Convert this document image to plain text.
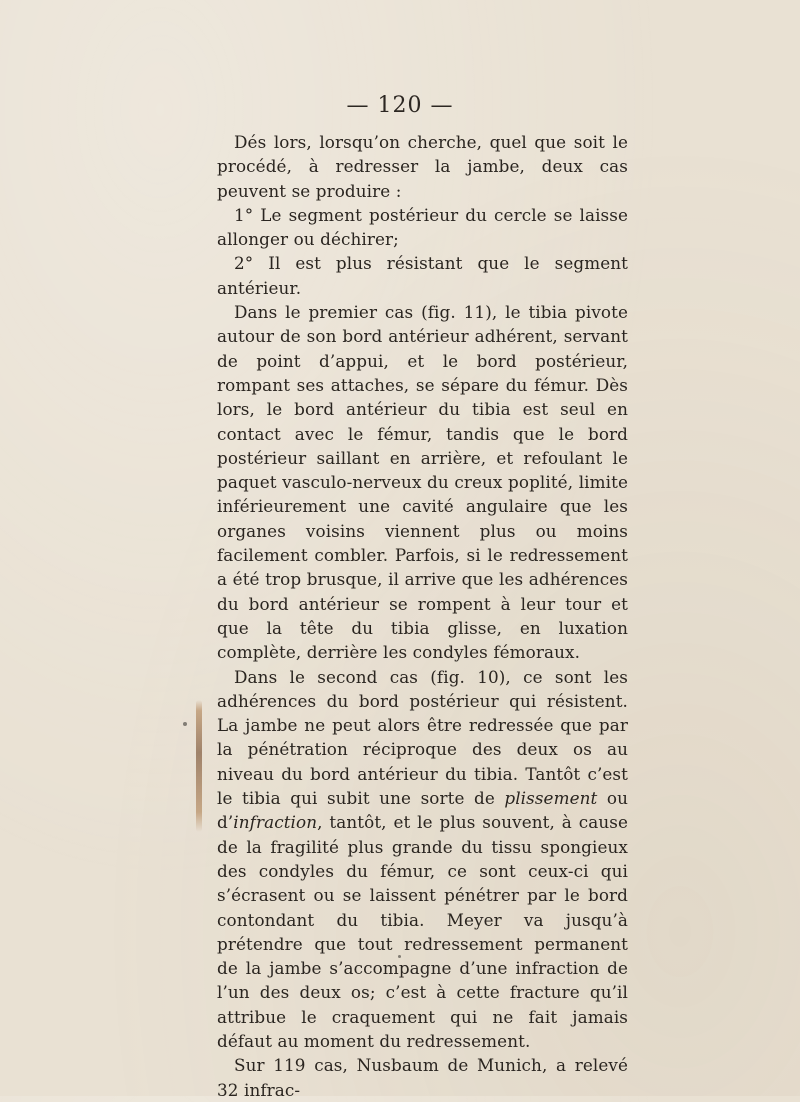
— 120 —

Dés lors, lorsqu’on cherche, quel que soit le procédé, à redresser la jambe, deux cas peuvent se produire :

1° Le segment postérieur du cercle se laisse allonger ou déchirer;

2° Il est plus résistant que le segment antérieur.

Dans le premier cas (fig. 11), le tibia pivote autour de son bord antérieur adhérent, servant de point d’appui, et le bord postérieur, rompant ses attaches, se sépare du fémur. Dès lors, le bord antérieur du tibia est seul en contact avec le fémur, tandis que le bord postérieur saillant en arrière, et refoulant le paquet vasculo-nerveux du creux poplité, limite inférieurement une cavité angulaire que les organes voisins viennent plus ou moins facilement combler. Parfois, si le redressement a été trop brusque, il arrive que les adhérences du bord antérieur se rompent à leur tour et que la tête du tibia glisse, en luxation complète, derrière les condyles fémoraux.

Dans le second cas (fig. 10), ce sont les adhérences du bord postérieur qui résistent. La jambe ne peut alors être redressée que par la pénétration réciproque des deux os au niveau du bord antérieur du tibia. Tantôt c’est le tibia qui subit une sorte de plissement ou d’infraction, tantôt, et le plus souvent, à cause de la fragilité plus grande du tissu spongieux des condyles du fémur, ce sont ceux-ci qui s’écrasent ou se laissent pénétrer par le bord contondant du tibia. Meyer va jusqu’à prétendre que tout redressement permanent de la jambe s’accompagne d’une infraction de l’un des deux os; c’est à cette fracture qu’il attribue le craquement qui ne fait jamais défaut au moment du redressement.

Sur 119 cas, Nusbaum de Munich, a relevé 32 infrac-
